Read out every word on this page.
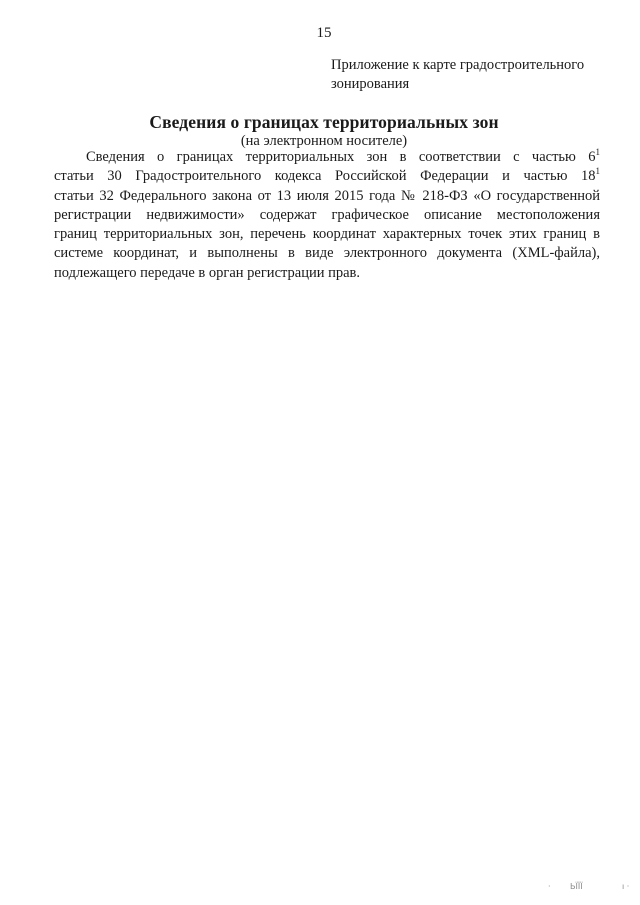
15
Приложение к карте градостроительного
зонирования
Сведения о границах территориальных зон
(на электронном носителе)
Сведения о границах территориальных зон в соответствии с частью $6^1$
статьи 30 Градостроительного кодекса Российской Федерации и частью $18^1$
статьи 32 Федерального закона от 13 июля 2015 года № 218-ФЗ «О государственной
регистрации недвижимости» содержат графическое описание местоположения
границ территориальных зон, перечень координат характерных точек этих границ в
системе координат, и выполнены в виде электронного документа (XML-файла),
подлежащего передаче в орган регистрации прав.
· ЬЇЇЇ	ı ·
